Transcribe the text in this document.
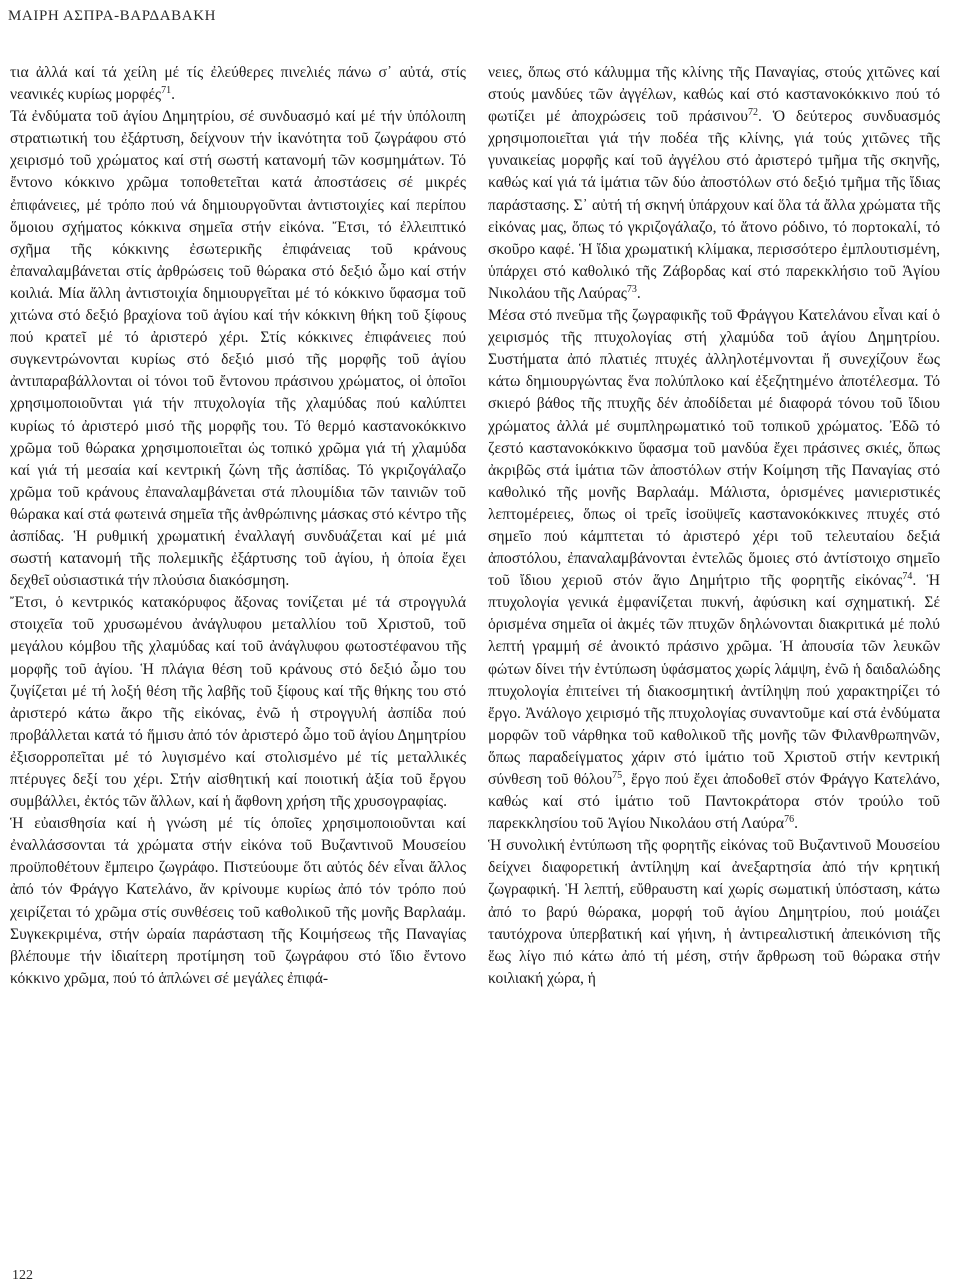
ΜΑΙΡΗ ΑΣΠΡΑ-ΒΑΡΔΑΒΑΚΗ

τια ἀλλά καί τά χείλη μέ τίς ἐλεύθερες πινελιές πάνω σ᾽ αὐτά, στίς νεανικές κυρίως μορφές$^{71}$.

Τά ἐνδύματα τοῦ ἁγίου Δημητρίου, σέ συνδυασμό καί μέ τήν ὑπόλοιπη στρατιωτική του ἐξάρτυση, δείχνουν τήν ἱκανότητα τοῦ ζωγράφου στό χειρισμό τοῦ χρώματος καί στή σωστή κατανομή τῶν κοσμημάτων. Τό ἔντονο κόκκινο χρῶμα τοποθετεῖται κατά ἀποστάσεις σέ μικρές ἐπιφάνειες, μέ τρόπο πού νά δημιουργοῦνται ἀντιστοιχίες καί περίπου ὅμοιου σχήματος κόκκινα σημεῖα στήν εἰκόνα. Ἔτσι, τό ἐλλειπτικό σχῆμα τῆς κόκκινης ἐσωτερικῆς ἐπιφάνειας τοῦ κράνους ἐπαναλαμβάνεται στίς ἀρθρώσεις τοῦ θώρακα στό δεξιό ὦμο καί στήν κοιλιά. Μία ἄλλη ἀντιστοιχία δημιουργεῖται μέ τό κόκκινο ὕφασμα τοῦ χιτώνα στό δεξιό βραχίονα τοῦ ἁγίου καί τήν κόκκινη θήκη τοῦ ξίφους πού κρατεῖ μέ τό ἀριστερό χέρι. Στίς κόκκινες ἐπιφάνειες πού συγκεντρώνονται κυρίως στό δεξιό μισό τῆς μορφῆς τοῦ ἁγίου ἀντιπαραβάλλονται οἱ τόνοι τοῦ ἔντονου πράσινου χρώματος, οἱ ὁποῖοι χρησιμοποιοῦνται γιά τήν πτυχολογία τῆς χλαμύδας πού καλύπτει κυρίως τό ἀριστερό μισό τῆς μορφῆς του. Τό θερμό καστανοκόκκινο χρῶμα τοῦ θώρακα χρησιμοποιεῖται ὡς τοπικό χρῶμα γιά τή χλαμύδα καί γιά τή μεσαία καί κεντρική ζώνη τῆς ἀσπίδας. Τό γκριζογάλαζο χρῶμα τοῦ κράνους ἐπαναλαμβάνεται στά πλουμίδια τῶν ταινιῶν τοῦ θώρακα καί στά φωτεινά σημεῖα τῆς ἀνθρώπινης μάσκας στό κέντρο τῆς ἀσπίδας. Ἡ ρυθμική χρωματική ἐναλλαγή συνδυάζεται καί μέ μιά σωστή κατανομή τῆς πολεμικῆς ἐξάρτυσης τοῦ ἁγίου, ἡ ὁποία ἔχει δεχθεῖ οὐσιαστικά τήν πλούσια διακόσμηση.

Ἔτσι, ὁ κεντρικός κατακόρυφος ἄξονας τονίζεται μέ τά στρογγυλά στοιχεῖα τοῦ χρυσωμένου ἀνάγλυφου μεταλλίου τοῦ Χριστοῦ, τοῦ μεγάλου κόμβου τῆς χλαμύδας καί τοῦ ἀνάγλυφου φωτοστέφανου τῆς μορφῆς τοῦ ἁγίου. Ἡ πλάγια θέση τοῦ κράνους στό δεξιό ὦμο του ζυγίζεται μέ τή λοξή θέση τῆς λαβῆς τοῦ ξίφους καί τῆς θήκης του στό ἀριστερό κάτω ἄκρο τῆς εἰκόνας, ἐνῶ ἡ στρογγυλή ἀσπίδα πού προβάλλεται κατά τό ἥμισυ ἀπό τόν ἀριστερό ὦμο τοῦ ἁγίου Δημητρίου ἐξισορροπεῖται μέ τό λυγισμένο καί στολισμένο μέ τίς μεταλλικές πτέρυγες δεξί του χέρι. Στήν αἰσθητική καί ποιοτική ἀξία τοῦ ἔργου συμβάλλει, ἐκτός τῶν ἄλλων, καί ἡ ἄφθονη χρήση τῆς χρυσογραφίας.

Ἡ εὐαισθησία καί ἡ γνώση μέ τίς ὁποῖες χρησιμοποιοῦνται καί ἐναλλάσσονται τά χρώματα στήν εἰκόνα τοῦ Βυζαντινοῦ Μουσείου προϋποθέτουν ἔμπειρο ζωγράφο. Πιστεύουμε ὅτι αὐτός δέν εἶναι ἄλλος ἀπό τόν Φράγγο Κατελάνο, ἄν κρίνουμε κυρίως ἀπό τόν τρόπο πού χειρίζεται τό χρῶμα στίς συνθέσεις τοῦ καθολικοῦ τῆς μονῆς Βαρλαάμ. Συγκεκριμένα, στήν ὡραία παράσταση τῆς Κοιμήσεως τῆς Παναγίας βλέπουμε τήν ἰδιαίτερη προτίμηση τοῦ ζωγράφου στό ἴδιο ἔντονο κόκκινο χρῶμα, πού τό ἁπλώνει σέ μεγάλες ἐπιφά-

νειες, ὅπως στό κάλυμμα τῆς κλίνης τῆς Παναγίας, στούς χιτῶνες καί στούς μανδύες τῶν ἀγγέλων, καθώς καί στό καστανοκόκκινο πού τό φωτίζει μέ ἀποχρώσεις τοῦ πράσινου$^{72}$. Ὁ δεύτερος συνδυασμός χρησιμοποιεῖται γιά τήν ποδέα τῆς κλίνης, γιά τούς χιτῶνες τῆς γυναικείας μορφῆς καί τοῦ ἀγγέλου στό ἀριστερό τμῆμα τῆς σκηνῆς, καθώς καί γιά τά ἱμάτια τῶν δύο ἀποστόλων στό δεξιό τμῆμα τῆς ἴδιας παράστασης. Σ᾽ αὐτή τή σκηνή ὑπάρχουν καί ὅλα τά ἄλλα χρώματα τῆς εἰκόνας μας, ὅπως τό γκριζογάλαζο, τό ἄτονο ρόδινο, τό πορτοκαλί, τό σκοῦρο καφέ. Ἡ ἴδια χρωματική κλίμακα, περισσότερο ἐμπλουτισμένη, ὑπάρχει στό καθολικό τῆς Ζάβορδας καί στό παρεκκλήσιο τοῦ Ἁγίου Νικολάου τῆς Λαύρας$^{73}$.

Μέσα στό πνεῦμα τῆς ζωγραφικῆς τοῦ Φράγγου Κατελάνου εἶναι καί ὁ χειρισμός τῆς πτυχολογίας στή χλαμύδα τοῦ ἁγίου Δημητρίου. Συστήματα ἀπό πλατιές πτυχές ἀλληλοτέμνονται ἤ συνεχίζουν ἕως κάτω δημιουργώντας ἕνα πολύπλοκο καί ἐξεζητημένο ἀποτέλεσμα. Τό σκιερό βάθος τῆς πτυχῆς δέν ἀποδίδεται μέ διαφορά τόνου τοῦ ἴδιου χρώματος ἀλλά μέ συμπληρωματικό τοῦ τοπικοῦ χρώματος. Ἐδῶ τό ζεστό καστανοκόκκινο ὕφασμα τοῦ μανδύα ἔχει πράσινες σκιές, ὅπως ἀκριβῶς στά ἱμάτια τῶν ἀποστόλων στήν Κοίμηση τῆς Παναγίας στό καθολικό τῆς μονῆς Βαρλαάμ. Μάλιστα, ὁρισμένες μανιεριστικές λεπτομέρειες, ὅπως οἱ τρεῖς ἰσοϋψεῖς καστανοκόκκινες πτυχές στό σημεῖο πού κάμπτεται τό ἀριστερό χέρι τοῦ τελευταίου δεξιά ἀποστόλου, ἐπαναλαμβάνονται ἐντελῶς ὅμοιες στό ἀντίστοιχο σημεῖο τοῦ ἴδιου χεριοῦ στόν ἅγιο Δημήτριο τῆς φορητῆς εἰκόνας$^{74}$. Ἡ πτυχολογία γενικά ἐμφανίζεται πυκνή, ἀφύσικη καί σχηματική. Σέ ὁρισμένα σημεῖα οἱ ἀκμές τῶν πτυχῶν δηλώνονται διακριτικά μέ πολύ λεπτή γραμμή σέ ἀνοικτό πράσινο χρῶμα. Ἡ ἀπουσία τῶν λευκῶν φώτων δίνει τήν ἐντύπωση ὑφάσματος χωρίς λάμψη, ἐνῶ ἡ δαιδαλώδης πτυχολογία ἐπιτείνει τή διακοσμητική ἀντίληψη πού χαρακτηρίζει τό ἔργο. Ἀνάλογο χειρισμό τῆς πτυχολογίας συναντοῦμε καί στά ἐνδύματα μορφῶν τοῦ νάρθηκα τοῦ καθολικοῦ τῆς μονῆς τῶν Φιλανθρωπηνῶν, ὅπως παραδείγματος χάριν στό ἱμάτιο τοῦ Χριστοῦ στήν κεντρική σύνθεση τοῦ θόλου$^{75}$, ἔργο πού ἔχει ἀποδοθεῖ στόν Φράγγο Κατελάνο, καθώς καί στό ἱμάτιο τοῦ Παντοκράτορα στόν τρούλο τοῦ παρεκκλησίου τοῦ Ἁγίου Νικολάου στή Λαύρα$^{76}$.

Ἡ συνολική ἐντύπωση τῆς φορητῆς εἰκόνας τοῦ Βυζαντινοῦ Μουσείου δείχνει διαφορετική ἀντίληψη καί ἀνεξαρτησία ἀπό τήν κρητική ζωγραφική. Ἡ λεπτή, εὔθραυστη καί χωρίς σωματική ὑπόσταση, κάτω ἀπό το βαρύ θώρακα, μορφή τοῦ ἁγίου Δημητρίου, πού μοιάζει ταυτόχρονα ὑπερβατική καί γήινη, ἡ ἀντιρεαλιστική ἀπεικόνιση τῆς ἕως λίγο πιό κάτω ἀπό τή μέση, στήν ἄρθρωση τοῦ θώρακα στήν κοιλιακή χώρα, ἡ

122
